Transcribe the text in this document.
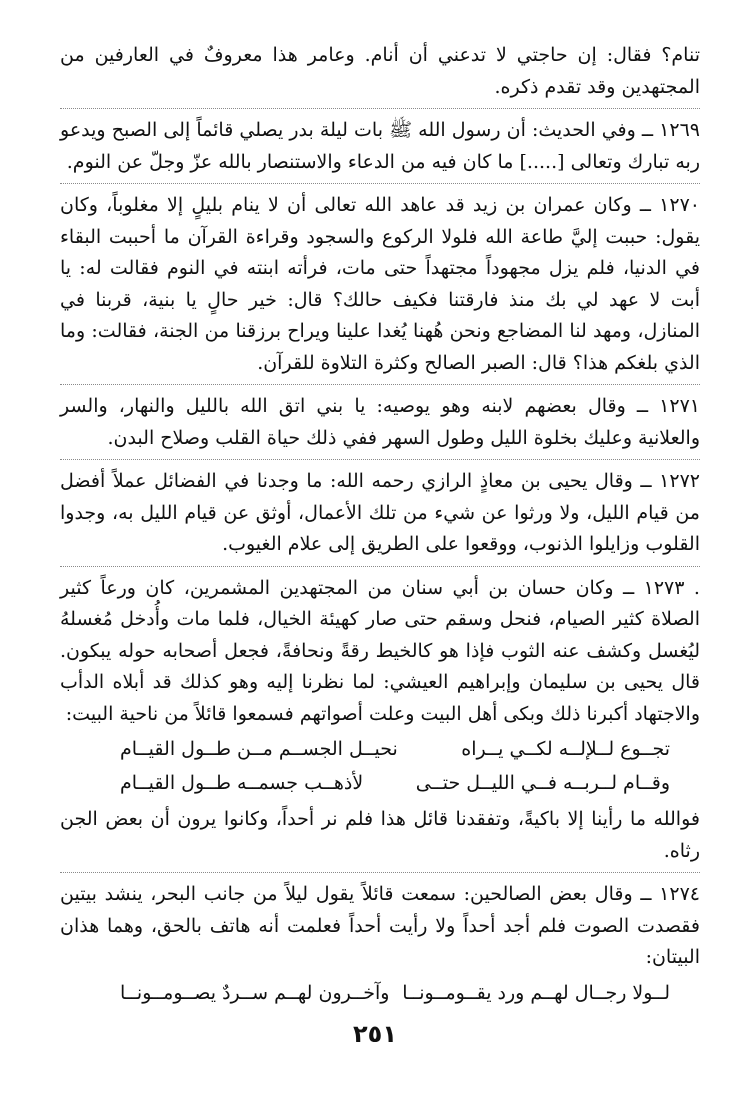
تنام؟ فقال: إن حاجتي لا تدعني أن أنام. وعامر هذا معروفٌ في العارفين من المجتهدين وقد تقدم ذكره.

١٢٦٩ ــ وفي الحديث: أن رسول الله ﷺ بات ليلة بدر يصلي قائماً إلى الصبح ويدعو ربه تبارك وتعالى [.....] ما كان فيه من الدعاء والاستنصار بالله عزّ وجلّ عن النوم.

١٢٧٠ ــ وكان عمران بن زيد قد عاهد الله تعالى أن لا ينام بليلٍ إلا مغلوباً، وكان يقول: حببت إليَّ طاعة الله فلولا الركوع والسجود وقراءة القرآن ما أحببت البقاء في الدنيا، فلم يزل مجهوداً مجتهداً حتى مات، فرأته ابنته في النوم فقالت له: يا أبت لا عهد لي بك منذ فارقتنا فكيف حالك؟ قال: خير حالٍ يا بنية، قربنا في المنازل، ومهد لنا المضاجع ونحن هُهنا يُغدا علينا ويراح برزقنا من الجنة، فقالت: وما الذي بلغكم هذا؟ قال: الصبر الصالح وكثرة التلاوة للقرآن.

١٢٧١ ــ وقال بعضهم لابنه وهو يوصيه: يا بني اتق الله بالليل والنهار، والسر والعلانية وعليك بخلوة الليل وطول السهر ففي ذلك حياة القلب وصلاح البدن.

١٢٧٢ ــ وقال يحيى بن معاذٍ الرازي رحمه الله: ما وجدنا في الفضائل عملاً أفضل من قيام الليل، ولا ورثوا عن شيء من تلك الأعمال، أوثق عن قيام الليل به، وجدوا القلوب وزايلوا الذنوب، ووقعوا على الطريق إلى علام الغيوب.

. ١٢٧٣ ــ وكان حسان بن أبي سنان من المجتهدين المشمرين، كان ورعاً كثير الصلاة كثير الصيام، فنحل وسقم حتى صار كهيئة الخيال، فلما مات وأُدخل مُغسلهُ ليُغسل وكشف عنه الثوب فإذا هو كالخيط رقةً ونحافةً، فجعل أصحابه حوله يبكون. قال يحيى بن سليمان وإبراهيم العيشي: لما نظرنا إليه وهو كذلك قد أبلاه الدأب والاجتهاد أكبرنا ذلك وبكى أهل البيت وعلت أصواتهم فسمعوا قائلاً من ناحية البيت:

تجــوع لــلإلــه لكــي يــراه
نحيــل الجســم مــن طــول القيــام
وقــام لــربــه فــي الليــل حتــى
لأذهــب جسمــه طــول القيــام

فوالله ما رأينا إلا باكيةً، وتفقدنا قائل هذا فلم نر أحداً، وكانوا يرون أن بعض الجن رثاه.

١٢٧٤ ــ وقال بعض الصالحين: سمعت قائلاً يقول ليلاً من جانب البحر، ينشد بيتين فقصدت الصوت فلم أجد أحداً ولا رأيت أحداً فعلمت أنه هاتف بالحق، وهما هذان البيتان:

لــولا رجــال لهــم ورد يقــومــونــا
وآخــرون لهــم ســردٌ يصــومــونــا
٢٥١
